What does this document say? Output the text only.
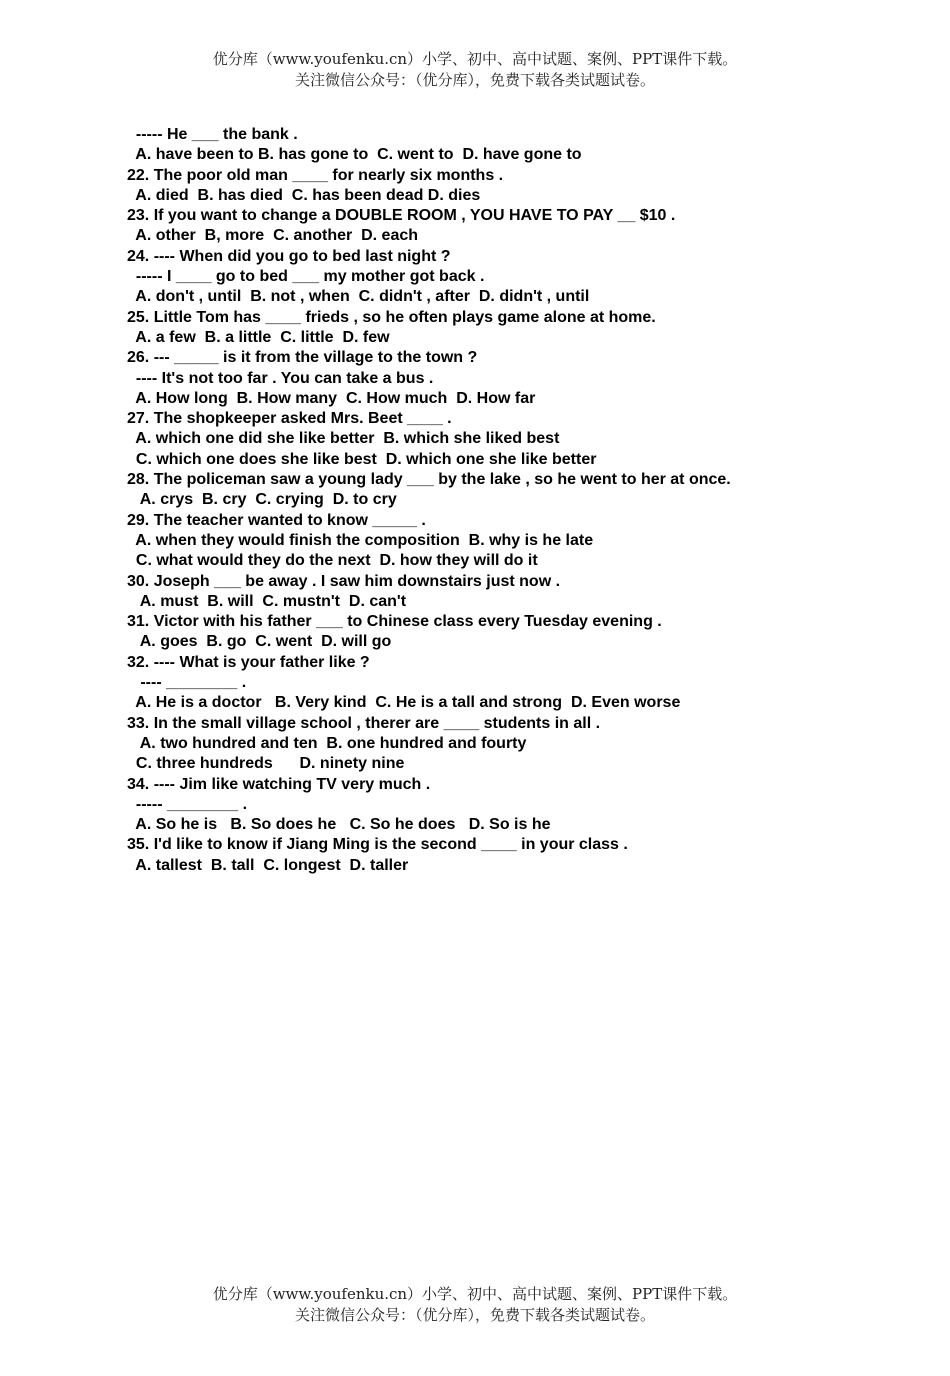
优分库（www.youfenku.cn）小学、初中、高中试题、案例、PPT课件下载。
关注微信公众号：（优分库），免费下载各类试题试卷。
----- He ___ the bank .
A. have been to B. has gone to  C. went to  D. have gone to
22. The poor old man ____ for nearly six months .
A. died  B. has died  C. has been dead D. dies
23. If you want to change a DOUBLE ROOM , YOU HAVE TO PAY __ $10 .
A. other  B, more  C. another  D. each
24. ---- When did you go to bed last night ?
----- I ____ go to bed ___ my mother got back .
A. don't , until  B. not , when  C. didn't , after  D. didn't , until
25. Little Tom has ____ frieds , so he often plays game alone at home.
A. a few  B. a little  C. little  D. few
26. --- _____ is it from the village to the town ?
---- It's not too far . You can take a bus .
A. How long  B. How many  C. How much  D. How far
27. The shopkeeper asked Mrs. Beet ____ .
A. which one did she like better  B. which she liked best
C. which one does she like best  D. which one she like better
28. The policeman saw a young lady ___ by the lake , so he went to her at once.
A. crys  B. cry  C. crying  D. to cry
29. The teacher wanted to know _____ .
A. when they would finish the composition  B. why is he late
C. what would they do the next  D. how they will do it
30. Joseph ___ be away . I saw him downstairs just now .
A. must  B. will  C. mustn't  D. can't
31. Victor with his father ___ to Chinese class every Tuesday evening .
A. goes  B. go  C. went  D. will go
32. ---- What is your father like ?
---- ________ .
A. He is a doctor   B. Very kind  C. He is a tall and strong  D. Even worse
33. In the small village school , therer are ____ students in all .
A. two hundred and ten  B. one hundred and fourty
C. three hundreds      D. ninety nine
34. ---- Jim like watching TV very much .
----- ________ .
A. So he is   B. So does he   C. So he does   D. So is he
35. I'd like to know if Jiang Ming is the second ____ in your class .
A. tallest  B. tall  C. longest  D. taller
优分库（www.youfenku.cn）小学、初中、高中试题、案例、PPT课件下载。
关注微信公众号：（优分库），免费下载各类试题试卷。
